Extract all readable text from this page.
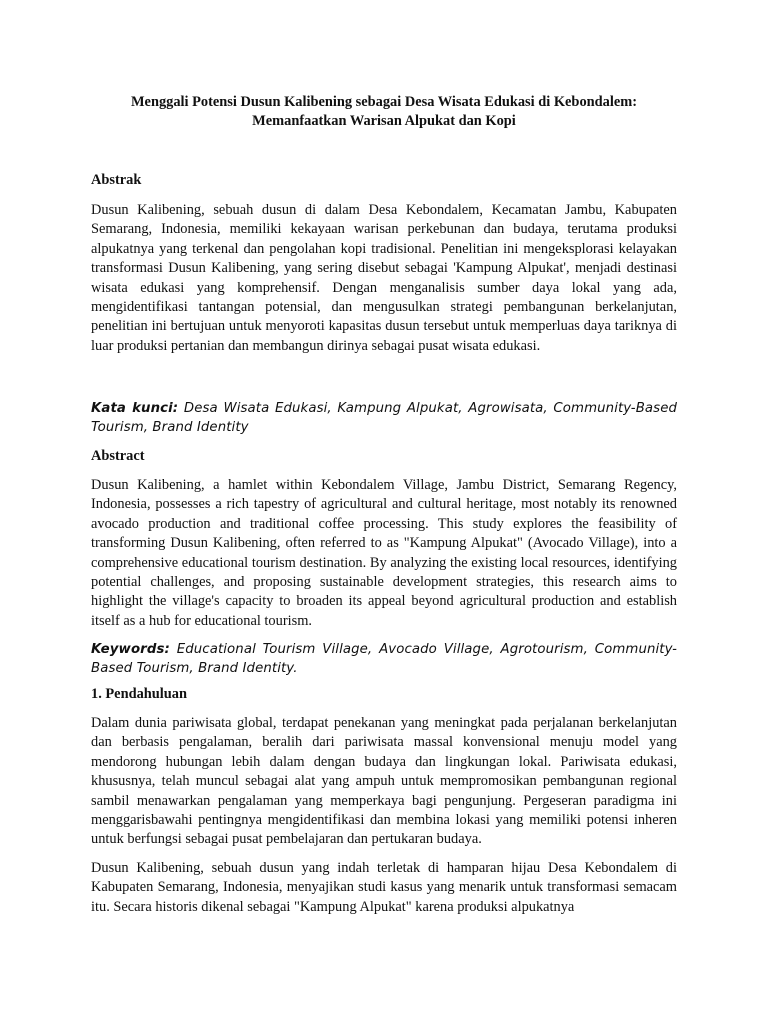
Menggali Potensi Dusun Kalibening sebagai Desa Wisata Edukasi di Kebondalem:
Memanfaatkan Warisan Alpukat dan Kopi
Abstrak

Dusun Kalibening, sebuah dusun di dalam Desa Kebondalem, Kecamatan Jambu, Kabupaten Semarang, Indonesia, memiliki kekayaan warisan perkebunan dan budaya, terutama produksi alpukatnya yang terkenal dan pengolahan kopi tradisional. Penelitian ini mengeksplorasi kelayakan transformasi Dusun Kalibening, yang sering disebut sebagai 'Kampung Alpukat', menjadi destinasi wisata edukasi yang komprehensif. Dengan menganalisis sumber daya lokal yang ada, mengidentifikasi tantangan potensial, dan mengusulkan strategi pembangunan berkelanjutan, penelitian ini bertujuan untuk menyoroti kapasitas dusun tersebut untuk memperluas daya tariknya di luar produksi pertanian dan membangun dirinya sebagai pusat wisata edukasi.

Kata kunci: Desa Wisata Edukasi, Kampung Alpukat, Agrowisata, Community-Based Tourism, Brand Identity

Abstract

Dusun Kalibening, a hamlet within Kebondalem Village, Jambu District, Semarang Regency, Indonesia, possesses a rich tapestry of agricultural and cultural heritage, most notably its renowned avocado production and traditional coffee processing. This study explores the feasibility of transforming Dusun Kalibening, often referred to as "Kampung Alpukat" (Avocado Village), into a comprehensive educational tourism destination. By analyzing the existing local resources, identifying potential challenges, and proposing sustainable development strategies, this research aims to highlight the village's capacity to broaden its appeal beyond agricultural production and establish itself as a hub for educational tourism.

Keywords: Educational Tourism Village, Avocado Village, Agrotourism, Community-Based Tourism, Brand Identity.

1. Pendahuluan

Dalam dunia pariwisata global, terdapat penekanan yang meningkat pada perjalanan berkelanjutan dan berbasis pengalaman, beralih dari pariwisata massal konvensional menuju model yang mendorong hubungan lebih dalam dengan budaya dan lingkungan lokal. Pariwisata edukasi, khususnya, telah muncul sebagai alat yang ampuh untuk mempromosikan pembangunan regional sambil menawarkan pengalaman yang memperkaya bagi pengunjung. Pergeseran paradigma ini menggarisbawahi pentingnya mengidentifikasi dan membina lokasi yang memiliki potensi inheren untuk berfungsi sebagai pusat pembelajaran dan pertukaran budaya.

Dusun Kalibening, sebuah dusun yang indah terletak di hamparan hijau Desa Kebondalem di Kabupaten Semarang, Indonesia, menyajikan studi kasus yang menarik untuk transformasi semacam itu. Secara historis dikenal sebagai "Kampung Alpukat" karena produksi alpukatnya
